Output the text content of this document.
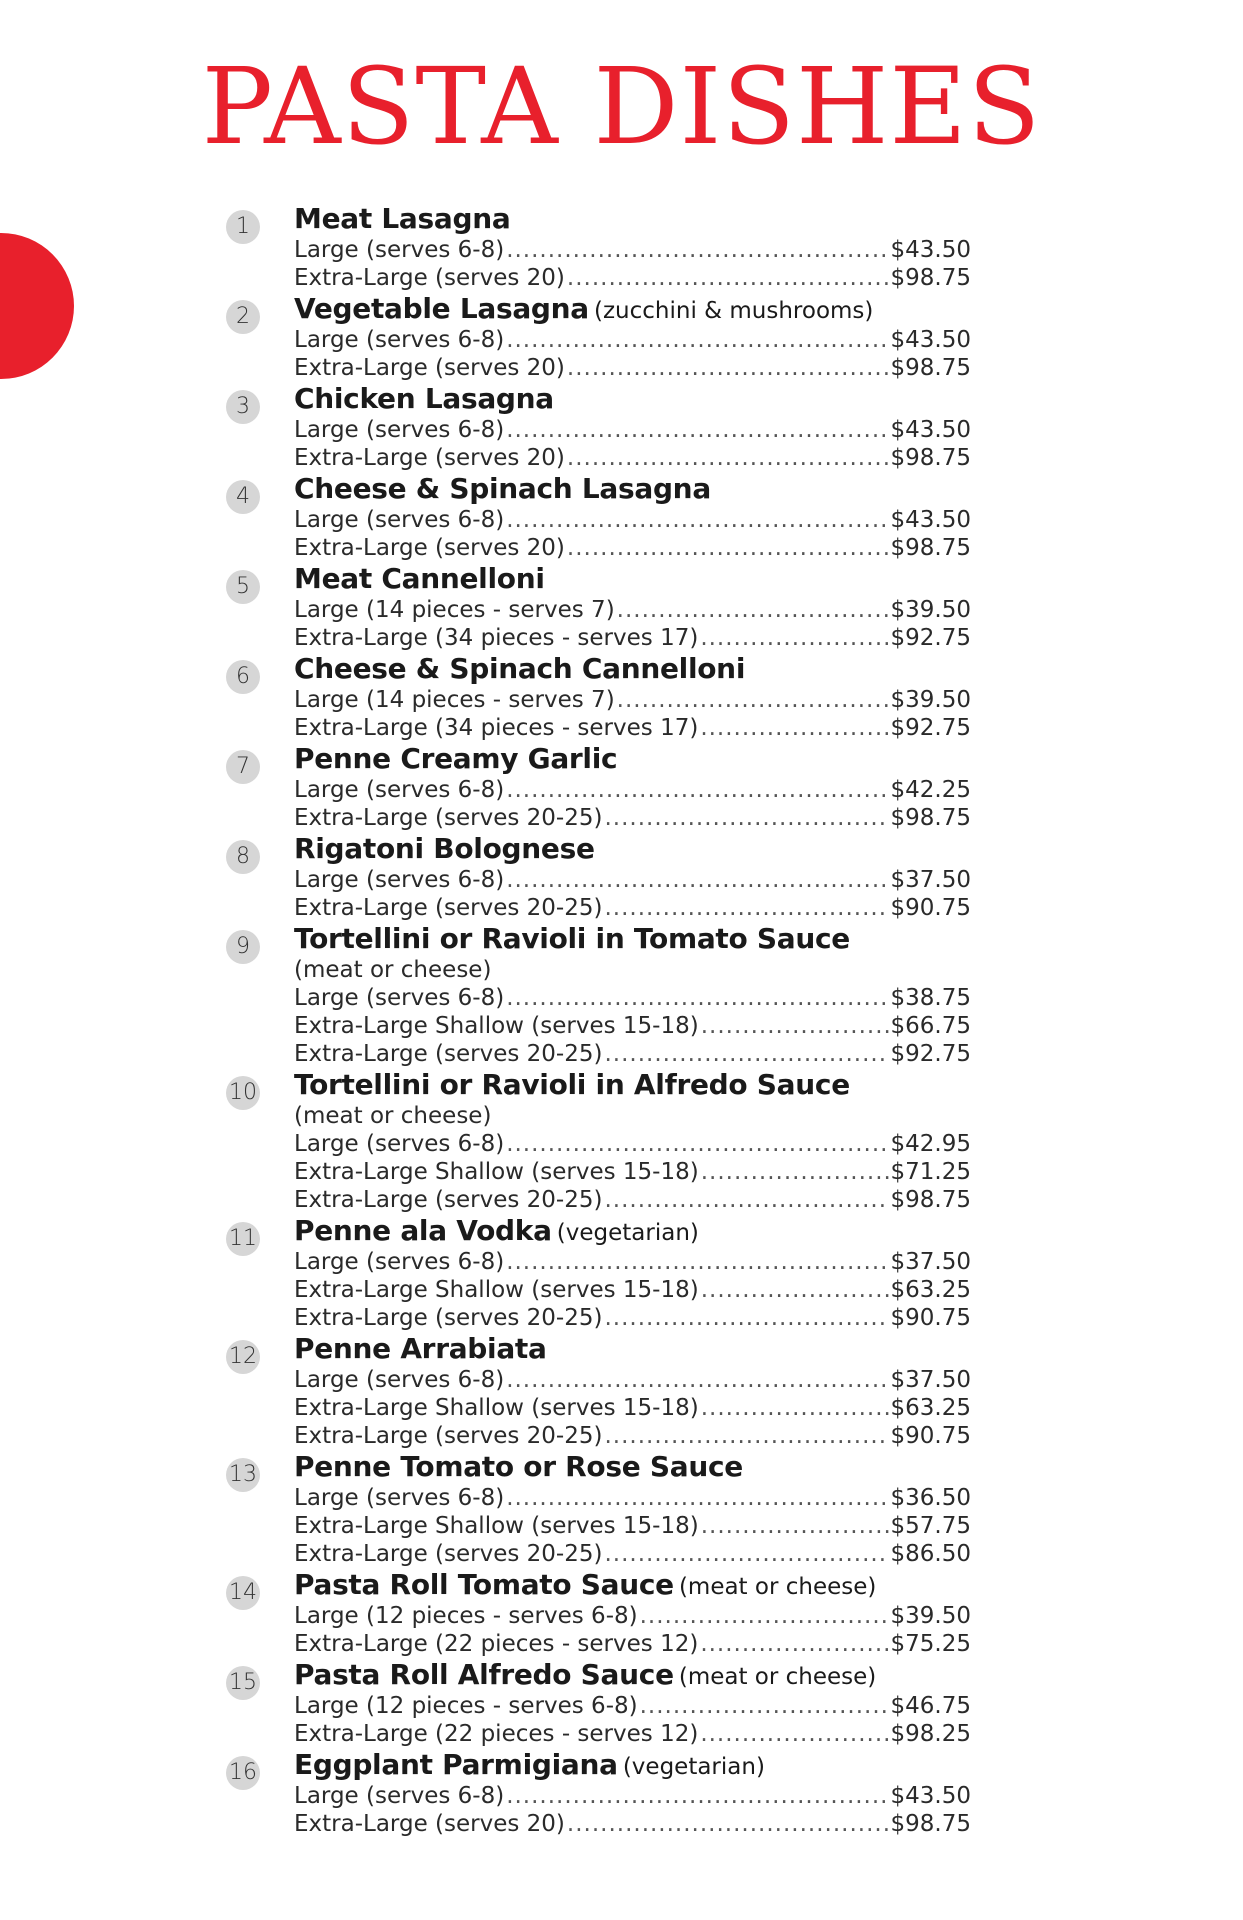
PASTA DISHES
1	Meat Lasagna
Large (serves 6-8) .....	$43.50
Extra-Large (serves 20) .....	$98.75
2	Vegetable Lasagna (zucchini & mushrooms)
Large (serves 6-8) .....	$43.50
Extra-Large (serves 20) .....	$98.75
3	Chicken Lasagna
Large (serves 6-8) .....	$43.50
Extra-Large (serves 20) .....	$98.75
4	Cheese & Spinach Lasagna
Large (serves 6-8) .....	$43.50
Extra-Large (serves 20) .....	$98.75
5	Meat Cannelloni
Large (14 pieces - serves 7) .....	$39.50
Extra-Large (34 pieces - serves 17) .....	$92.75
6	Cheese & Spinach Cannelloni
Large (14 pieces - serves 7) .....	$39.50
Extra-Large (34 pieces - serves 17) .....	$92.75
7	Penne Creamy Garlic
Large (serves 6-8) .....	$42.25
Extra-Large (serves 20-25) .....	$98.75
8	Rigatoni Bolognese
Large (serves 6-8) .....	$37.50
Extra-Large (serves 20-25) .....	$90.75
9	Tortellini or Ravioli in Tomato Sauce
(meat or cheese)
Large (serves 6-8) .....	$38.75
Extra-Large Shallow (serves 15-18) .....	$66.75
Extra-Large (serves 20-25) .....	$92.75
10 Tortellini or Ravioli in Alfredo Sauce
(meat or cheese)
Large (serves 6-8) .....	$42.95
Extra-Large Shallow (serves 15-18) .....	$71.25
Extra-Large (serves 20-25) .....	$98.75
11 Penne ala Vodka (vegetarian)
Large (serves 6-8) .....	$37.50
Extra-Large Shallow (serves 15-18) .....	$63.25
Extra-Large (serves 20-25) .....	$90.75
12 Penne Arrabiata
Large (serves 6-8) .....	$37.50
Extra-Large Shallow (serves 15-18) .....	$63.25
Extra-Large (serves 20-25) .....	$90.75
13 Penne Tomato or Rose Sauce
Large (serves 6-8) .....	$36.50
Extra-Large Shallow (serves 15-18) .....	$57.75
Extra-Large (serves 20-25) .....	$86.50
14 Pasta Roll Tomato Sauce (meat or cheese)
Large (12 pieces - serves 6-8) .....	$39.50
Extra-Large (22 pieces - serves 12) .....	$75.25
15 Pasta Roll Alfredo Sauce (meat or cheese)
Large (12 pieces - serves 6-8) .....	$46.75
Extra-Large (22 pieces - serves 12) .....	$98.25
16 Eggplant Parmigiana (vegetarian)
Large (serves 6-8) .....	$43.50
Extra-Large (serves 20) .....	$98.75
